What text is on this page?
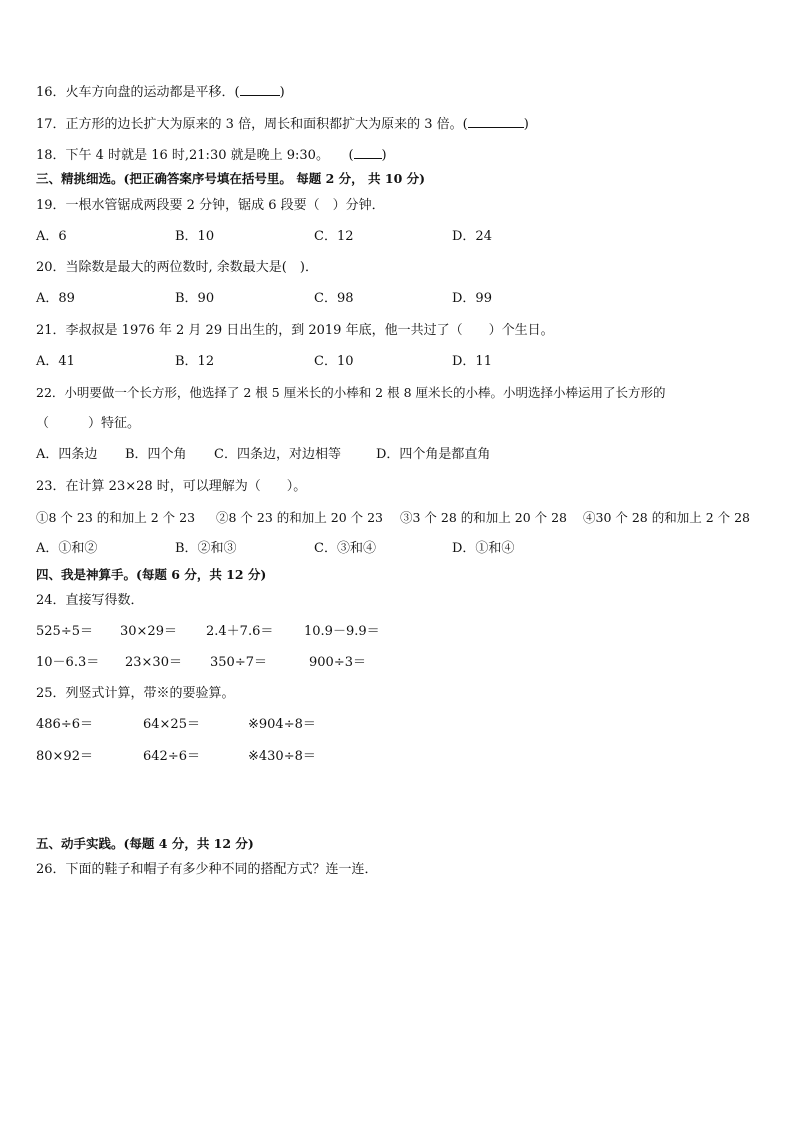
16．火车方向盘的运动都是平移．(	)
17．正方形的边长扩大为原来的 3 倍，周长和面积都扩大为原来的 3 倍。(	)
18．下午 4 时就是 16 时,21:30 就是晚上 9:30。　　( )
三、精挑细选。(把正确答案序号填在括号里。 每题 2 分， 共 10 分)
19．一根水管锯成两段要 2 分钟，锯成 6 段要（　）分钟．
A．6	B．10	C．12	D．24
20．当除数是最大的两位数时, 余数最大是(　)．
A．89	B．90	C．98	D．99
21．李叔叔是 1976 年 2 月 29 日出生的，到 2019 年底，他一共过了（　　）个生日。
A．41	B．12	C．10	D．11
22．小明要做一个长方形，他选择了 2 根 5 厘米长的小棒和 2 根 8 厘米长的小棒。小明选择小棒运用了长方形的
（　　　）特征。
A．四条边 B．四个角 C．四条边，对边相等	D．四个角是都直角
23．在计算 23×28 时，可以理解为（　　）。
①8 个 23 的和加上 2 个 23 ②8 个 23 的和加上 20 个 23 ③3 个 28 的和加上 20 个 28 ④30 个 28 的和加上 2 个 28
A．①和②	B．②和③	C．③和④	D．①和④
四、我是神算手。(每题 6 分，共 12 分)
24．直接写得数．
525÷5＝ 30×29＝ 2.4＋7.6＝ 10.9－9.9＝
10－6.3＝ 23×30＝ 350÷7＝	900÷3＝
25．列竖式计算，带※的要验算。
486÷6＝	64×25＝	※904÷8＝
80×92＝	642÷6＝	※430÷8＝
五、动手实践。(每题 4 分，共 12 分)
26．下面的鞋子和帽子有多少种不同的搭配方式？连一连．
